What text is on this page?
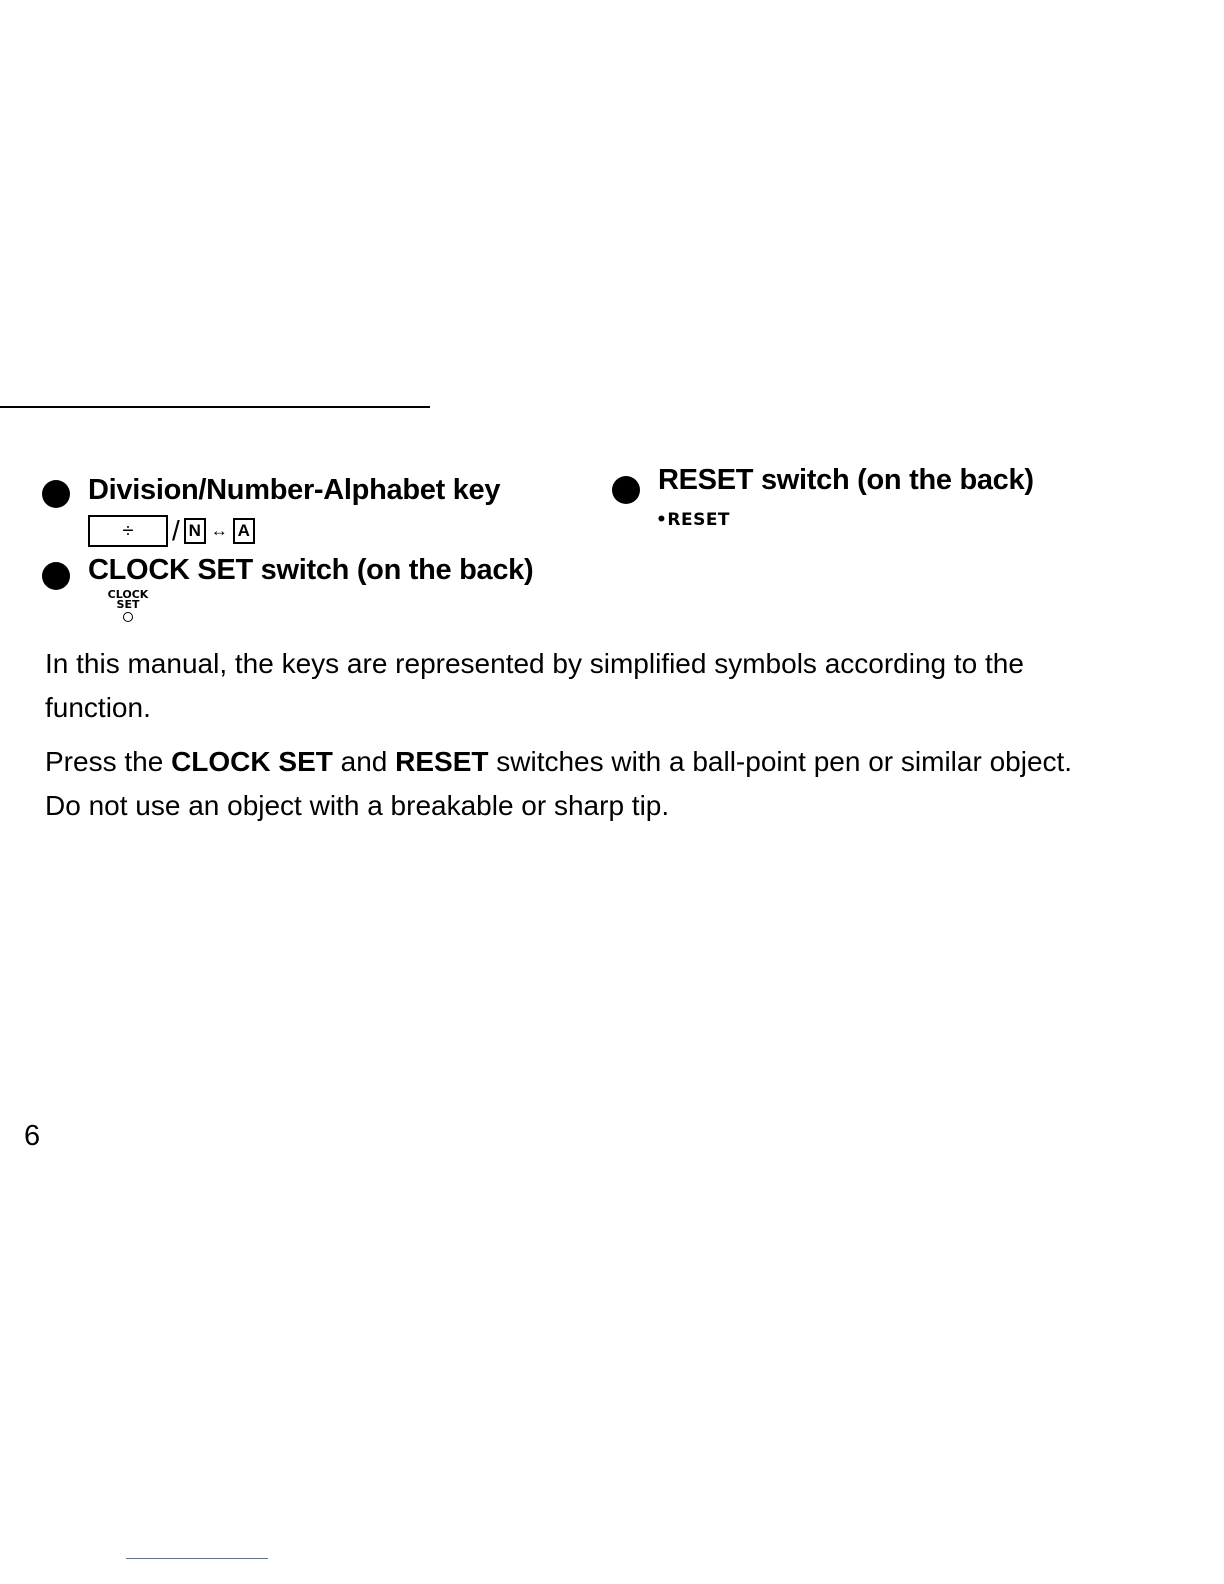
Division/Number-Alphabet key
÷	/ N ↔ A
CLOCK SET switch (on the back)
CLOCK
SET
RESET switch (on the back)
•RESET
In this manual, the keys are represented by simplified symbols according to the
function.
Press the CLOCK SET and RESET switches with a ball-point pen or similar object.
Do not use an object with a breakable or sharp tip.
6
